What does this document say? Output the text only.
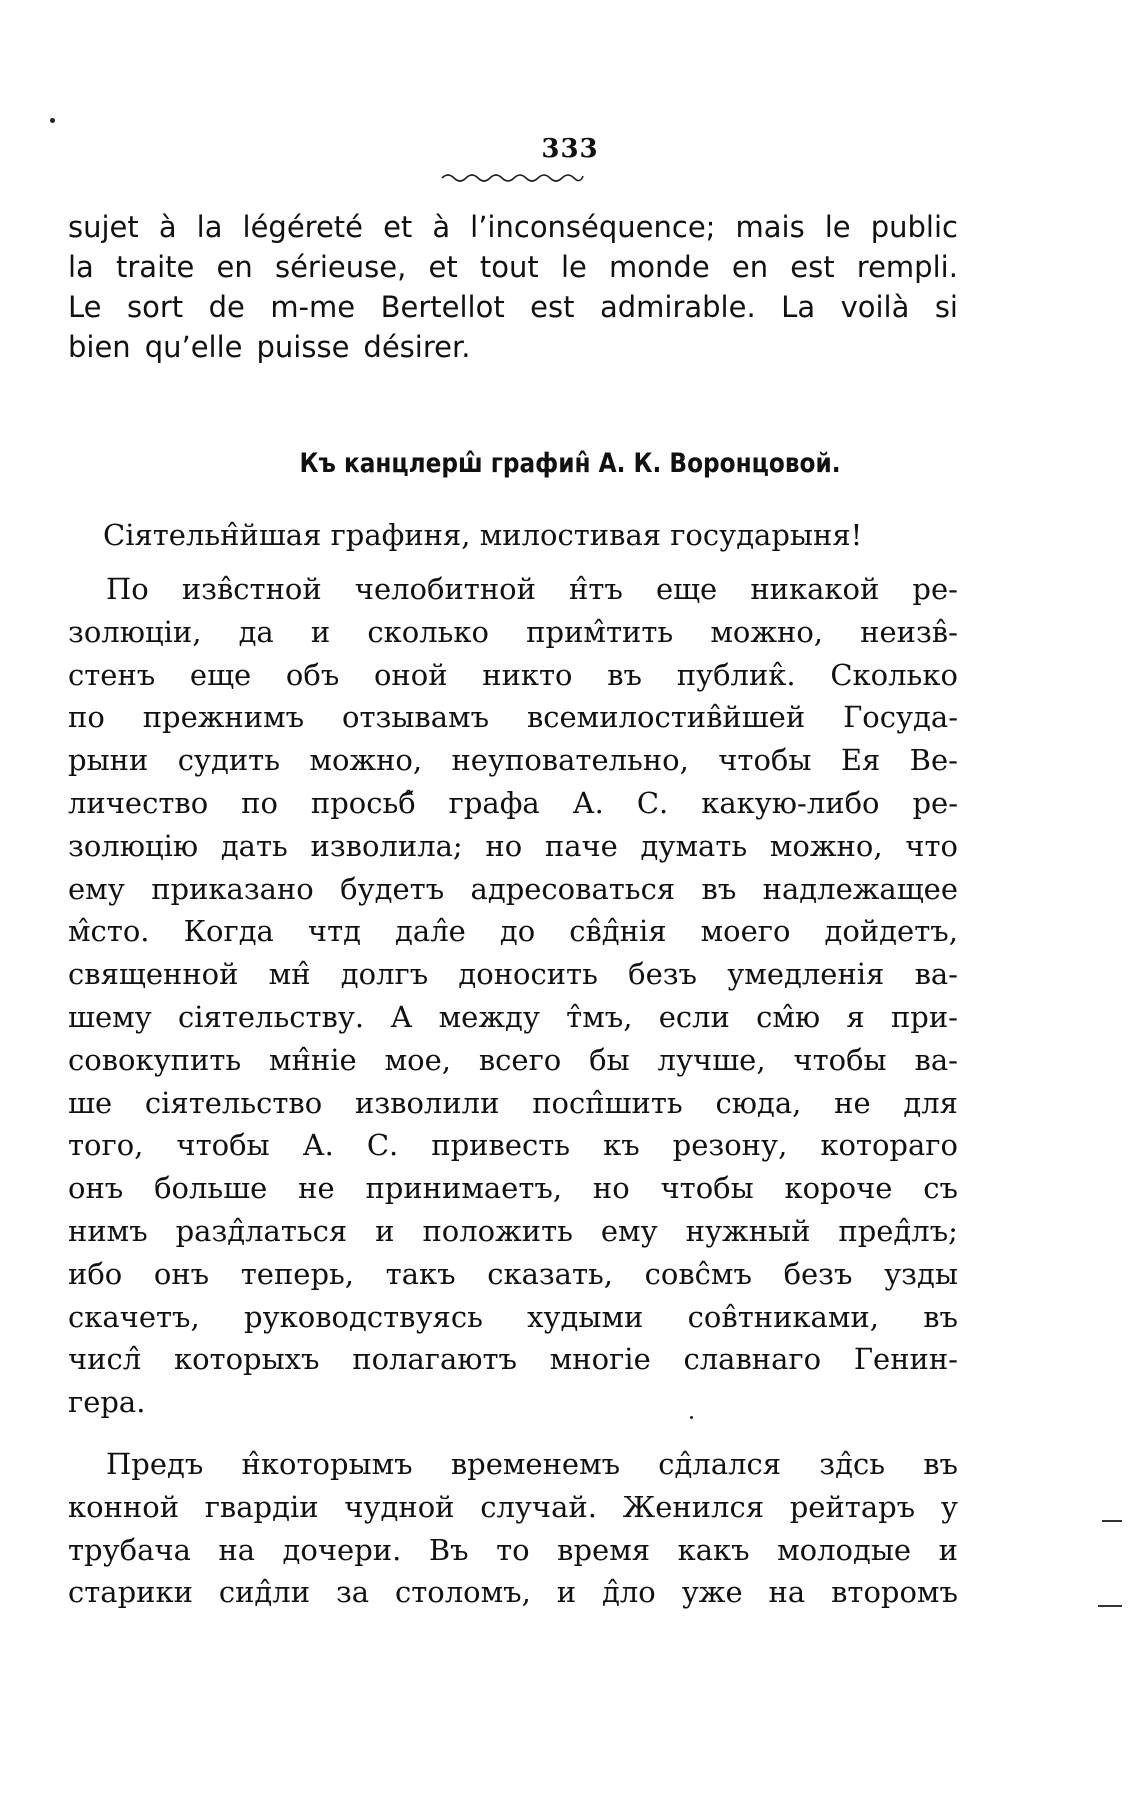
333
sujet à la légéreté et à l’inconséquence; mais le public
la traite en sérieuse, et tout le monde en est rempli.
Le sort de m-me Bertellot est admirable. La voilà si
bien qu’elle puisse désirer.
Къ канцлерш̂ графин̂ А. К. Воронцовой.
Сіятельн̂йшая графиня, милостивая государыня!
По изв̂стной челобитной н̂тъ еще никакой ре-
золюціи, да и сколько прим̂тить можно, неизв̂-
стенъ еще объ оной никто въ публик̂. Сколько
по прежнимъ отзывамъ всемилостив̂йшей Госуда-
рыни судить можно, неуповательно, чтобы Ея Ве-
личество по просьб̂ графа А. С. какую-либо ре-
золюцію дать изволила; но паче думать можно, что
ему приказано будетъ адресоваться въ надлежащее
м̂сто. Когда чтд дал̂е до св̂д̂нія моего дойдетъ,
священной мн̂ долгъ доносить безъ умедленія ва-
шему сіятельству. А между т̂мъ, если см̂ю я при-
совокупить мн̂ніе мое, всего бы лучше, чтобы ва-
ше сіятельство изволили посп̂шить сюда, не для
того, чтобы А. С. привесть къ резону, котораго
онъ больше не принимаетъ, но чтобы короче съ
нимъ разд̂латься и положить ему нужный пред̂лъ;
ибо онъ теперь, такъ сказать, совс̂мъ безъ узды
скачетъ, руководствуясь худыми сов̂тниками, въ
числ̂ которыхъ полагаютъ многіе славнаго Генин-
гера.
Предъ н̂которымъ временемъ сд̂лался зд̂сь въ
конной гвардіи чудной случай. Женился рейтаръ у
трубача на дочери. Въ то время какъ молодые и
старики сид̂ли за столомъ, и д̂ло уже на второмъ
